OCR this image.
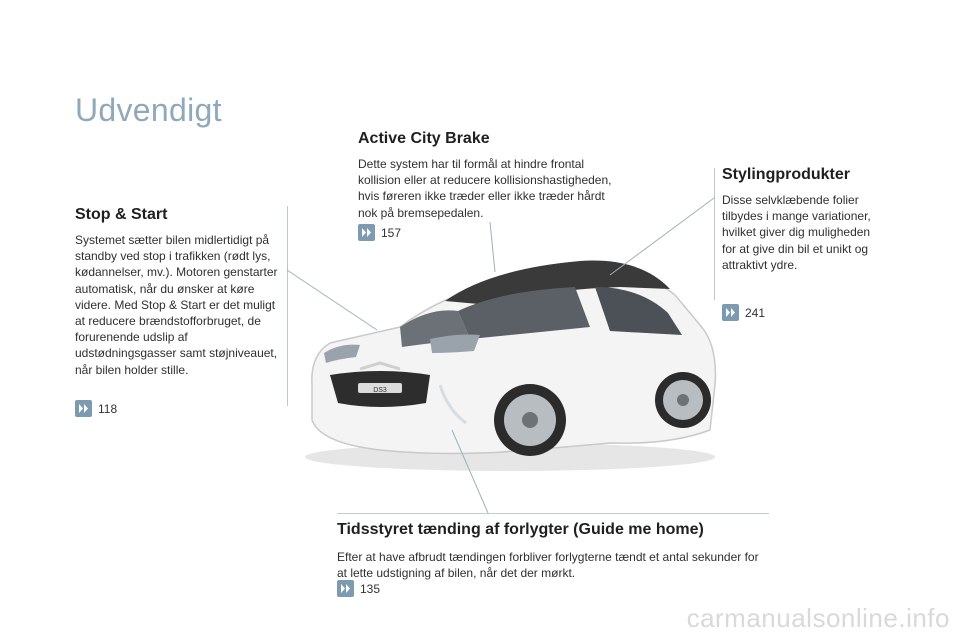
Udvendigt
Stop & Start
Systemet sætter bilen midlertidigt på standby ved stop i trafikken (rødt lys, kødannelser, mv.). Motoren genstarter automatisk, når du ønsker at køre videre. Med Stop & Start er det muligt at reducere brændstofforbruget, de forurenende udslip af udstødningsgasser samt støjniveauet, når bilen holder stille.
118
Active City Brake
Dette system har til formål at hindre frontal kollision eller at reducere kollisionshastigheden, hvis føreren ikke træder eller ikke træder hårdt nok på bremsepedalen.
157
Stylingprodukter
Disse selvklæbende folier tilbydes i mange variationer, hvilket giver dig muligheden for at give din bil et unikt og attraktivt ydre.
241
DS3
Tidsstyret tænding af forlygter (Guide me home)
Efter at have afbrudt tændingen forbliver forlygterne tændt et antal sekunder for at lette udstigning af bilen, når det der mørkt.
135
carmanualsonline.info
